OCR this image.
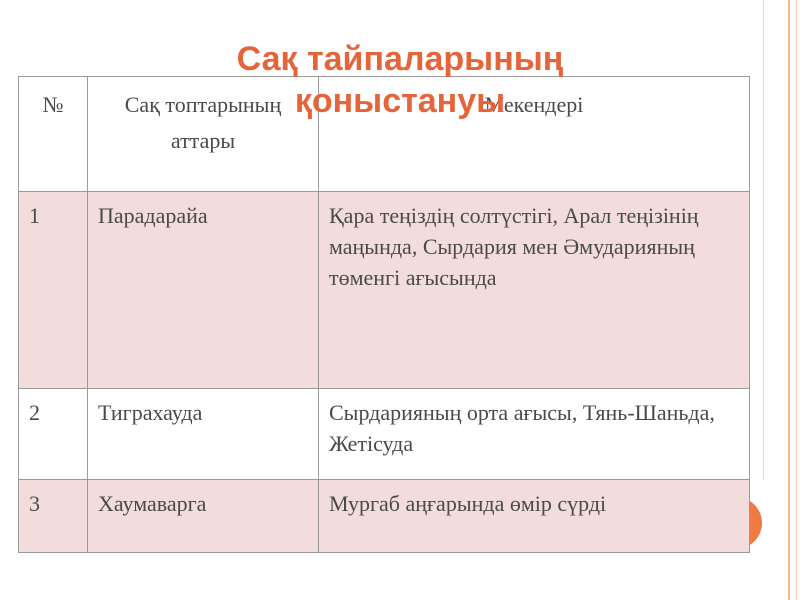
Сақ тайпаларының
қоныстануы
№	Сақ топтарының аттары	Мекендері
1	Парадарайа	Қара теңіздің солтүстігі, Арал теңізінің маңында, Сырдария мен Әмударияның төменгі ағысында
2	Тиграхауда	Сырдарияның орта ағысы, Тянь-Шаньда, Жетісуда
3	Хаумаварга	Мургаб аңғарында өмір сүрді
